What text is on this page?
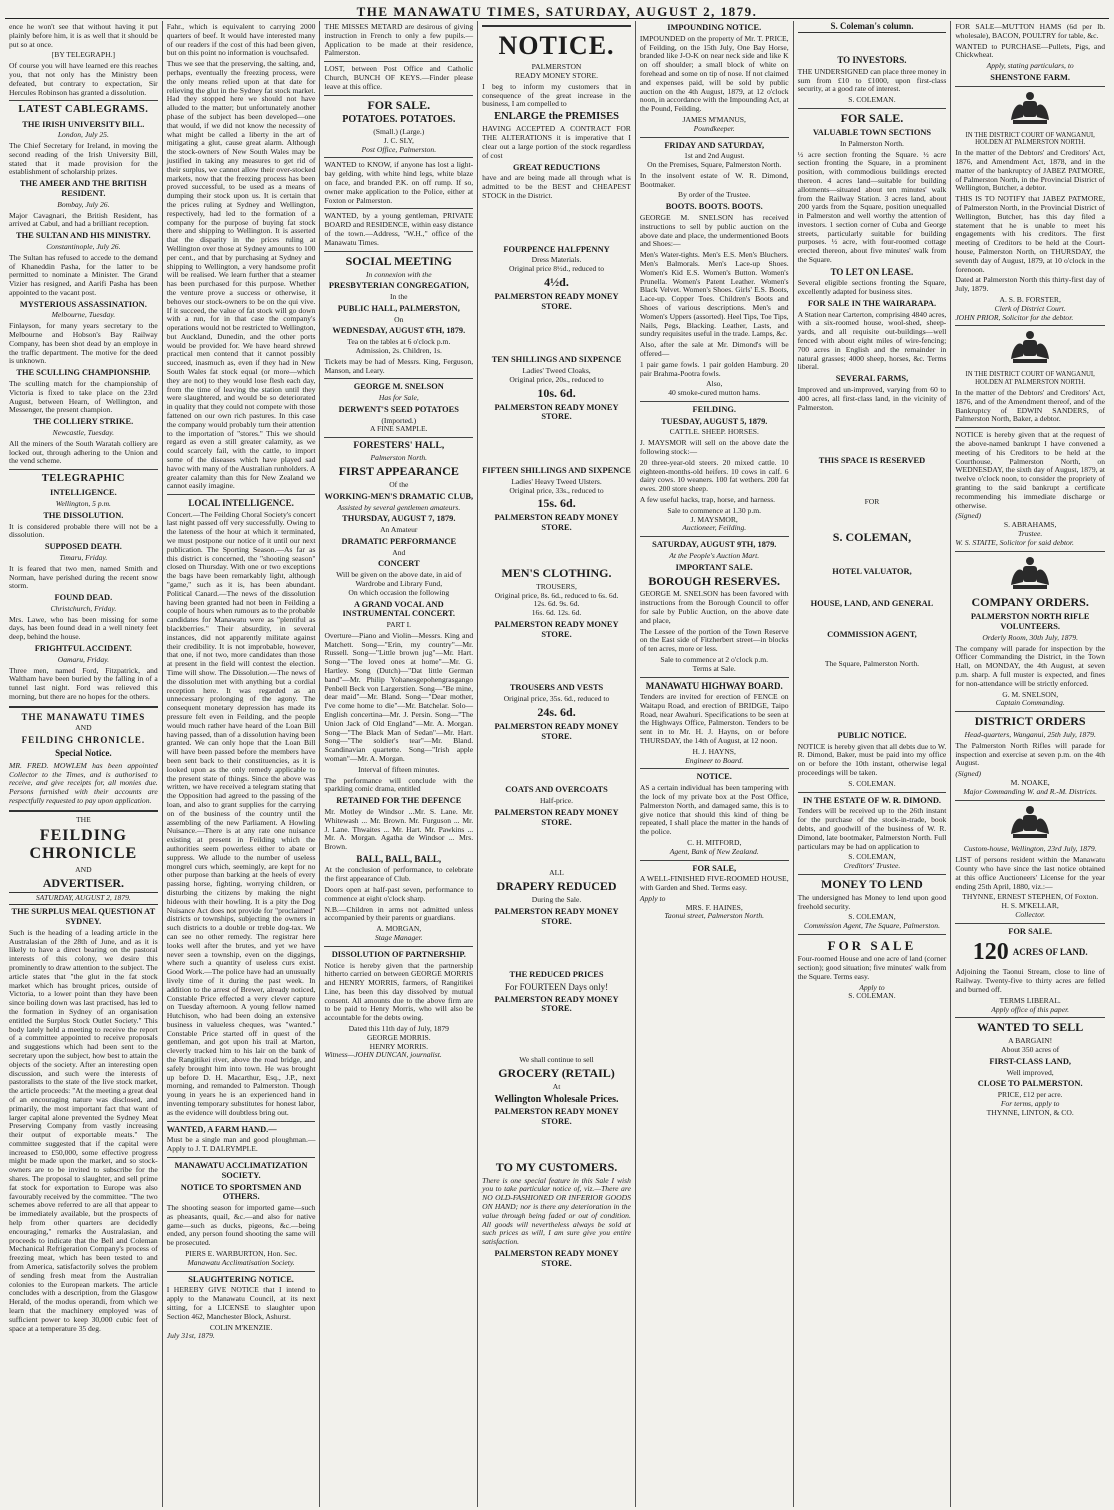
THE MANAWATU TIMES, SATURDAY, AUGUST 2, 1879.

ence he won't see that without having it put plainly before him, it is as well that it should be put so at once.

[BY TELEGRAPH.]

Of course you will have learned ere this reaches you, that not only has the Ministry been defeated, but contrary to expectation, Sir Hercules Robinson has granted a dissolution.

LATEST CABLEGRAMS.
THE IRISH UNIVERSITY BILL.
London, July 25.

The Chief Secretary for Ireland, in moving the second reading of the Irish University Bill, stated that it made provision for the establishment of scholarship prizes.

THE AMEER AND THE BRITISH RESIDENT.
Bombay, July 26.

Major Cavagnari, the British Resident, has arrived at Cabul, and had a brilliant reception.

THE SULTAN AND HIS MINISTRY.
Constantinople, July 26.

The Sultan has refused to accede to the demand of Khaneddin Pasha, for the latter to be permitted to nominate a Minister. The Grand Vizier has resigned, and Aarifi Pasha has been appointed to the vacant post.

MYSTERIOUS ASSASSINATION.
Melbourne, Tuesday.

Finlayson, for many years secretary to the Melbourne and Hobson's Bay Railway Company, has been shot dead by an employe in the traffic department. The motive for the deed is unknown.

THE SCULLING CHAMPIONSHIP.

The sculling match for the championship of Victoria is fixed to take place on the 23rd August, between Hearn, of Wellington, and Messenger, the present champion.

THE COLLIERY STRIKE.
Newcastle, Tuesday.

All the miners of the South Waratah colliery are locked out, through adhering to the Union and the vend scheme.

TELEGRAPHIC
INTELLIGENCE.
Wellington, 5 p.m.
THE DISSOLUTION.

It is considered probable there will not be a dissolution.

SUPPOSED DEATH.
Timaru, Friday.

It is feared that two men, named Smith and Norman, have perished during the recent snow storm.

FOUND DEAD.
Christchurch, Friday.

Mrs. Lawe, who has been missing for some days, has been found dead in a well ninety feet deep, behind the house.

FRIGHTFUL ACCIDENT.
Oamaru, Friday.

Three men, named Ford, Fitzpatrick, and Waltham have been buried by the falling in of a tunnel last night. Ford was relieved this morning, but there are no hopes for the others.

THE MANAWATU TIMES
AND
FEILDING CHRONICLE.
Special Notice.

MR. FRED. MOWLEM has been appointed Collector to the Times, and is authorised to receive, and give receipts for, all monies due. Persons furnished with their accounts are respectfully requested to pay upon application.

THE
FEILDING CHRONICLE
AND
ADVERTISER.
SATURDAY, AUGUST 2, 1879.
THE SURPLUS MEAL QUESTION AT SYDNEY.

Such is the heading of a leading article in the Australasian of the 28th of June, and as it is likely to have a direct bearing on the pastoral interests of this colony, we desire this prominently to draw attention to the subject. The article states that "the glut in the fat stock market which has brought prices, outside of Victoria, to a lower point than they have been since boiling down was last practised, has led to the formation in Sydney of an organisation entitled the Surplus Stock Outlet Society." This body lately held a meeting to receive the report of a committee appointed to receive proposals and suggestions which had been sent to the secretary upon the subject, how best to attain the objects of the society. After an interesting open discussion, and such were the interests of pastoralists to the state of the live stock market, the article proceeds: "At the meeting a great deal of an encouraging nature was disclosed, and primarily, the most important fact that want of larger capital alone prevented the Sydney Meat Preserving Company from vastly increasing their output of exportable meats." The committee suggested that if the capital were increased to £50,000, some effective progress might be made upon the market, and so stock-owners are to be invited to subscribe for the shares. The proposal to slaughter, and sell prime fat stock for exportation to Europe was also favourably received by the committee. "The two schemes above referred to are all that appear to be immediately available, but the prospects of help from other quarters are decidedly encouraging," remarks the Australasian, and proceeds to indicate that the Bell and Coleman Mechanical Refrigeration Company's process of freezing meat, which has been tested to and from America, satisfactorily solves the problem of sending fresh meat from the Australian colonies to the European markets. The article concludes with a description, from the Glasgow Herald, of the modus operandi, from which we learn that the machinery employed was of sufficient power to keep 30,000 cubic feet of space at a temperature 35 deg.

Fahr., which is equivalent to carrying 2000 quarters of beef. It would have interested many of our readers if the cost of this had been given, but on this point no information is vouchsafed.

Thus we see that the preserving, the salting, and, perhaps, eventually the freezing process, were the only means relied upon at that date for relieving the glut in the Sydney fat stock market. Had they stopped here we should not have alluded to the matter; but unfortunately another phase of the subject has been developed—one that would, if we did not know the necessity of what might be called a liberty in the art of mitigating a glut, cause great alarm. Although the stock-owners of New South Wales may be justified in taking any measures to get rid of their surplus, we cannot allow their over-stocked markets, now that the freezing process has been proved successful, to be used as a means of dumping their stock upon us. It is certain that the prices ruling at Sydney and Wellington, respectively, had led to the formation of a company for the purpose of buying fat stock there and shipping to Wellington. It is asserted that the disparity in the prices ruling at Wellington over those at Sydney amounts to 100 per cent., and that by purchasing at Sydney and shipping to Wellington, a very handsome profit will be realised. We learn further that a steamer has been purchased for this purpose. Whether the venture prove a success or otherwise, it behoves our stock-owners to be on the qui vive. If it succeed, the value of fat stock will go down with a run, for in that case the company's operations would not be restricted to Wellington, but Auckland, Dunedin, and the other ports would be provided for. We have heard shrewd practical men contend that it cannot possibly succeed, inasmuch as, even if they had in New South Wales fat stock equal (or more—which they are not) to they would lose flesh each day, from the time of leaving the station until they were slaughtered, and would be so deteriorated in quality that they could not compete with those fattened on our own rich pastures. In this case the company would probably turn their attention to the importation of "stores." This we should regard as even a still greater calamity, as we could scarcely fail, with the cattle, to import some of the diseases which have played sad havoc with many of the Australian runholders. A greater calamity than this for New Zealand we cannot easily imagine.

LOCAL INTELLIGENCE.

Concert.—The Feilding Choral Society's concert last night passed off very successfully. Owing to the lateness of the hour at which it terminated, we must postpone our notice of it until our next publication. The Sporting Season.—As far as this district is concerned, the "shooting season" closed on Thursday. With one or two exceptions the bags have been remarkably light, although "game," such as it is, has been abundant. Political Canard.—The news of the dissolution having been granted had not been in Feilding a couple of hours when rumours as to the probable candidates for Manawatu were as "plentiful as blackberries." Their absurdity, in several instances, did not apparently militate against their credibility. It is not improbable, however, that one, if not two, more candidates than those at present in the field will contest the election. Time will show. The Dissolution.—The news of the dissolution met with anything but a cordial reception here. It was regarded as an unnecessary prolonging of the agony. The consequent monetary depression has made its pressure felt even in Feilding, and the people would much rather have heard of the Loan Bill having passed, than of a dissolution having been granted. We can only hope that the Loan Bill will have been passed before the members have been sent back to their constituencies, as it is looked upon as the only remedy applicable to the present state of things. Since the above was written, we have received a telegram stating that the Opposition had agreed to the passing of the loan, and also to grant supplies for the carrying on of the business of the country until the assembling of the new Parliament. A Howling Nuisance.—There is at any rate one nuisance existing at present in Feilding which the authorities seem powerless either to abate or suppress. We allude to the number of useless mongrel curs which, seemingly, are kept for no other purpose than barking at the heels of every passing horse, fighting, worrying children, or disturbing the citizens by making the night hideous with their howling. It is a pity the Dog Nuisance Act does not provide for "proclaimed" districts or townships, subjecting the owners in such districts to a double or treble dog-tax. We can see no other remedy. The registrar here looks well after the brutes, and yet we have never seen a township, even on the diggings, where such a quantity of useless curs exist. Good Work.—The police have had an unusually lively time of it during the past week. In addition to the arrest of Brewer, already noticed, Constable Price effected a very clever capture on Tuesday afternoon. A young fellow named Hutchison, who had been doing an extensive business in valueless cheques, was "wanted." Constable Price started off in quest of the gentleman, and got upon his trail at Marton, cleverly tracked him to his lair on the bank of the Rangitikei river, above the road bridge, and safely brought him into town. He was brought up before D. H. Macarthur, Esq., J.P., next morning, and remanded to Palmerston. Though young in years he is an experienced hand in inventing temporary substitutes for honest labor, as the evidence will doubtless bring out.

WANTED, A FARM HAND.—

Must be a single man and good ploughman.—Apply to J. T. DALRYMPLE.

MANAWATU ACCLIMATIZATION SOCIETY.
NOTICE TO SPORTSMEN AND OTHERS.

The shooting season for imported game—such as pheasants, quail, &c.—and also for native game—such as ducks, pigeons, &c.—being ended, any person found shooting the same will be prosecuted.

PIERS E. WARBURTON, Hon. Sec.
Manawatu Acclimatisation Society.
SLAUGHTERING NOTICE.

I HEREBY GIVE NOTICE that I intend to apply to the Manawatu Council, at its next sitting, for a LICENSE to slaughter upon Section 462, Manchester Block, Ashurst.

COLIN M'KENZIE.
July 31st, 1879.

THE MISSES METARD are desirous of giving instruction in French to only a few pupils.—Application to be made at their residence, Palmerston.

LOST, between Post Office and Catholic Church, BUNCH OF KEYS.—Finder please leave at this office.

FOR SALE.
POTATOES. POTATOES.
(Small.) (Large.)
J. C. SLY,
Post Office, Palmerston.

WANTED to KNOW, if anyone has lost a light-bay gelding, with white hind legs, white blaze on face, and branded P.K. on off rump. If so, owner make application to the Police, either at Foxton or Palmerston.

WANTED, by a young gentleman, PRIVATE BOARD and RESIDENCE, within easy distance of the town.—Address, "W.H.," office of the Manawatu Times.

SOCIAL MEETING
In connexion with the
PRESBYTERIAN CONGREGATION,
In the
PUBLIC HALL, PALMERSTON,
On
WEDNESDAY, AUGUST 6TH, 1879.
Tea on the tables at 6 o'clock p.m.
Admission, 2s. Children, 1s.

Tickets may be had of Messrs. King, Ferguson, Manson, and Leary.

GEORGE M. SNELSON
Has for Sale,
DERWENT'S SEED POTATOES
(Imported.)
A FINE SAMPLE.
FORESTERS' HALL,
Palmerston North.
FIRST APPEARANCE
Of the
WORKING-MEN'S DRAMATIC CLUB,
Assisted by several gentlemen amateurs.
THURSDAY, AUGUST 7, 1879.
An Amateur
DRAMATIC PERFORMANCE
And
CONCERT
Will be given on the above date, in aid of Wardrobe and Library Fund,
On which occasion the following
A GRAND VOCAL AND INSTRUMENTAL CONCERT.
PART I.

Overture—Piano and Violin—Messrs. King and Matchett. Song—"Erin, my country"—Mr. Russell. Song—"Little brown jug"—Mr. Hart. Song—"The loved ones at home"—Mr. G. Hartley. Song (Dutch)—"Dat little German band"—Mr. Philip Yohanesgepohengrasgango Penbell Beck von Largerstien. Song—"Be mine, dear maid"—Mr. Bland. Song—"Dear mother, I've come home to die"—Mr. Batchelar. Solo—English concertina—Mr. J. Persin. Song—"The Union Jack of Old England"—Mr. A. Morgan. Song—"The Black Man of Sedan"—Mr. Hart. Song—"The soldier's tear"—Mr. Bland. Scandinavian quartette. Song—"Irish apple woman"—Mr. A. Morgan.

Interval of fifteen minutes.

The performance will conclude with the sparkling comic drama, entitled

RETAINED FOR THE DEFENCE

Mr. Motley de Windsor ...Mr. S. Lane. Mr. Whitewash ... Mr. Brown. Mr. Furguson ... Mr. J. Lane. Thwaites ... Mr. Hart. Mr. Pawkins ... Mr. A. Morgan. Agatha de Windsor ... Mrs. Brown.

BALL, BALL, BALL,

At the conclusion of performance, to celebrate the first appearance of Club.

Doors open at half-past seven, performance to commence at eight o'clock sharp.

N.B.—Children in arms not admitted unless accompanied by their parents or guardians.

A. MORGAN,
Stage Manager.
DISSOLUTION OF PARTNERSHIP.

Notice is hereby given that the partnership hitherto carried on between GEORGE MORRIS and HENRY MORRIS, farmers, of Rangitikei Line, has been this day dissolved by mutual consent. All amounts due to the above firm are to be paid to Henry Morris, who will also be accountable for the debts owing.

Dated this 11th day of July, 1879
GEORGE MORRIS.
HENRY MORRIS.
Witness—JOHN DUNCAN, journalist.
NOTICE.
PALMERSTON
READY MONEY STORE.

I beg to inform my customers that in consequence of the great increase in the business, I am compelled to

ENLARGE the PREMISES

HAVING ACCEPTED A CONTRACT FOR THE ALTERATIONS it is imperative that I clear out a large portion of the stock regardless of cost

GREAT REDUCTIONS

have and are being made all through what is admitted to be the BEST and CHEAPEST STOCK in the District.

FOURPENCE HALFPENNY
Dress Materials.
Original price 8½d., reduced to
4½d.
PALMERSTON READY MONEY STORE.
TEN SHILLINGS AND SIXPENCE
Ladies' Tweed Cloaks,
Original price, 20s., reduced to
10s. 6d.
PALMERSTON READY MONEY STORE.
FIFTEEN SHILLINGS AND SIXPENCE
Ladies' Heavy Tweed Ulsters.
Original price, 33s., reduced to
15s. 6d.
PALMERSTON READY MONEY STORE.
MEN'S CLOTHING.
TROUSERS,
Original price, 8s. 6d., reduced to 6s. 6d.
12s. 6d. 9s. 6d.
16s. 6d. 12s. 6d.
PALMERSTON READY MONEY STORE.
TROUSERS AND VESTS
Original price, 35s. 6d., reduced to
24s. 6d.
PALMERSTON READY MONEY STORE.
COATS AND OVERCOATS
Half-price.
PALMERSTON READY MONEY STORE.
ALL
DRAPERY REDUCED
During the Sale.
PALMERSTON READY MONEY STORE.
THE REDUCED PRICES
For FOURTEEN Days only!
PALMERSTON READY MONEY STORE.
We shall continue to sell
GROCERY (RETAIL)
At
Wellington Wholesale Prices.
PALMERSTON READY MONEY STORE.
TO MY CUSTOMERS.

There is one special feature in this Sale I wish you to take particular notice of, viz.—There are NO OLD-FASHIONED OR INFERIOR GOODS ON HAND; nor is there any deterioration in the value through being faded or out of condition. All goods will nevertheless always be sold at such prices as will, I am sure give you entire satisfaction.

PALMERSTON READY MONEY STORE.
IMPOUNDING NOTICE.

IMPOUNDED on the property of Mr. T. PRICE, of Feilding, on the 15th July, One Bay Horse, branded like J-O-K on near neck side and like K on off shoulder; a small block of white on forehead and some on tip of nose. If not claimed and expenses paid, will be sold by public auction on the 4th August, 1879, at 12 o'clock noon, in accordance with the Impounding Act, at the Pound, Feilding.

JAMES M'MANUS,
Poundkeeper.
FRIDAY AND SATURDAY,
1st and 2nd August.
On the Premises, Square, Palmerston North.

In the insolvent estate of W. R. Dimond, Bootmaker.

By order of the Trustee.
BOOTS. BOOTS. BOOTS.

GEORGE M. SNELSON has received instructions to sell by public auction on the above date and place, the undermentioned Boots and Shoes:—

Men's Water-tights. Men's E.S. Men's Bluchers. Men's Balmorals. Men's Lace-up Shoes. Women's Kid E.S. Women's Button. Women's Prunella. Women's Patent Leather. Women's Black Velvet. Women's Shoes. Girls' E.S. Boots, Lace-up. Copper Toes. Children's Boots and Shoes of various descriptions. Men's and Women's Uppers (assorted). Heel Tips, Toe Tips, Nails, Pegs, Blacking. Leather, Lasts, and sundry requisites useful in the trade. Lamps, &c.

Also, after the sale at Mr. Dimond's will be offered—

1 pair game fowls. 1 pair golden Hamburg. 20 pair Brahma-Pootra fowls.

Also,
40 smoke-cured mutton hams.
FEILDING.
TUESDAY, AUGUST 5, 1879.
CATTLE. SHEEP. HORSES.

J. MAYSMOR will sell on the above date the following stock:—

20 three-year-old steers. 20 mixed cattle. 10 eighteen-months-old heifers. 10 cows in calf. 6 dairy cows. 10 weaners. 100 fat wethers. 200 fat ewes. 200 store sheep.

A few useful hacks, trap, horse, and harness.

Sale to commence at 1.30 p.m.
J. MAYSMOR,
Auctioneer, Feilding.
SATURDAY, AUGUST 9TH, 1879.
At the People's Auction Mart.
IMPORTANT SALE.
BOROUGH RESERVES.

GEORGE M. SNELSON has been favored with instructions from the Borough Council to offer for sale by Public Auction, on the above date and place,

The Lessee of the portion of the Town Reserve on the East side of Fitzherbert street—in blocks of ten acres, more or less.

Sale to commence at 2 o'clock p.m.
Terms at Sale.
MANAWATU HIGHWAY BOARD.

Tenders are invited for erection of FENCE on Waitapu Road, and erection of BRIDGE, Taipo Road, near Awahuri. Specifications to be seen at the Highways Office, Palmerston. Tenders to be sent in to Mr. H. J. Hayns, on or before THURSDAY, the 14th of August, at 12 noon.

H. J. HAYNS,
Engineer to Board.
NOTICE.

AS a certain individual has been tampering with the lock of my private box at the Post Office, Palmerston North, and damaged same, this is to give notice that should this kind of thing be repeated, I shall place the matter in the hands of the police.

C. H. MITFORD,
Agent, Bank of New Zealand.
FOR SALE,

A WELL-FINISHED FIVE-ROOMED HOUSE, with Garden and Shed. Terms easy.

Apply to
MRS. F. HAINES,
Taonui street, Palmerston North.
S. Coleman's column.
TO INVESTORS.

THE UNDERSIGNED can place three money in sum from £10 to £1000, upon first-class security, at a good rate of interest.

S. COLEMAN.
FOR SALE.
VALUABLE TOWN SECTIONS
In Palmerston North.

½ acre section fronting the Square. ½ acre section fronting the Square, in a prominent position, with commodious buildings erected thereon. 4 acres land—suitable for building allotments—situated about ten minutes' walk from the Railway Station. 3 acres land, about 200 yards from the Square, position unequalled in Palmerston and well worthy the attention of investors. 1 section corner of Cuba and George streets, particularly suitable for building purposes. ½ acre, with four-roomed cottage erected thereon, about five minutes' walk from the Square.

TO LET ON LEASE.

Several eligible sections fronting the Square, excellently adapted for business sites.

FOR SALE IN THE WAIRARAPA.

A Station near Carterton, comprising 4840 acres, with a six-roomed house, wool-shed, sheep-yards, and all requisite out-buildings—well fenced with about eight miles of wire-fencing; 700 acres in English and the remainder in natural grasses; 4000 sheep, horses, &c. Terms liberal.

SEVERAL FARMS,

Improved and un-improved, varying from 60 to 400 acres, all first-class land, in the vicinity of Palmerston.

THIS SPACE IS RESERVED
FOR
S. COLEMAN,
HOTEL VALUATOR,
HOUSE, LAND, AND GENERAL
COMMISSION AGENT,
The Square, Palmerston North.
PUBLIC NOTICE.

NOTICE is hereby given that all debts due to W. R. Dimond, Baker, must be paid into my office on or before the 10th instant, otherwise legal proceedings will be taken.

S. COLEMAN.
IN THE ESTATE OF W. R. DIMOND.

Tenders will be received up to the 26th instant for the purchase of the stock-in-trade, book debts, and goodwill of the business of W. R. Dimond, late bootmaker, Palmerston North. Full particulars may be had on application to

S. COLEMAN,
Creditors' Trustee.
MONEY TO LEND

The undersigned has Money to lend upon good freehold security.

S. COLEMAN,
Commission Agent, The Square, Palmerston.
FOR SALE

Four-roomed House and one acre of land (corner section); good situation; five minutes' walk from the Square. Terms easy.

Apply to
S. COLEMAN.

FOR SALE—MUTTON HAMS (6d per lb. wholesale), BACON, POULTRY for table, &c.

WANTED to PURCHASE—Pullets, Pigs, and Chickwheat.

Apply, stating particulars, to
SHENSTONE FARM.
IN THE DISTRICT COURT OF WANGANUI, HOLDEN AT PALMERSTON NORTH.

In the matter of the Debtors' and Creditors' Act, 1876, and Amendment Act, 1878, and in the matter of the bankruptcy of JABEZ PATMORE, of Palmerston North, in the Provincial District of Wellington, Butcher, a debtor.

THIS IS TO NOTIFY that JABEZ PATMORE, of Palmerston North, in the Provincial District of Wellington, Butcher, has this day filed a statement that he is unable to meet his engagements with his creditors. The first meeting of Creditors to be held at the Court-house, Palmerston North, on THURSDAY, the seventh day of August, 1879, at 10 o'clock in the forenoon.

Dated at Palmerston North this thirty-first day of July, 1879.

A. S. B. FORSTER,
Clerk of District Court.
JOHN PRIOR, Solicitor for the debtor.
IN THE DISTRICT COURT OF WANGANUI, HOLDEN AT PALMERSTON NORTH.

In the matter of the Debtors' and Creditors' Act, 1876, and of the Amendment thereof, and of the Bankruptcy of EDWIN SANDERS, of Palmerston North, Baker, a debtor.

NOTICE is hereby given that at the request of the above-named bankrupt I have convened a meeting of his Creditors to be held at the Courthouse, Palmerston North, on WEDNESDAY, the sixth day of August, 1879, at twelve o'clock noon, to consider the propriety of granting to the said bankrupt a certificate recommending his immediate discharge or otherwise.

(Signed)
S. ABRAHAMS,
Trustee.
W. S. STAITE, Solicitor for said debtor.
COMPANY ORDERS.
PALMERSTON NORTH RIFLE VOLUNTEERS.
Orderly Room, 30th July, 1879.

The company will parade for inspection by the Officer Commanding the District, in the Town Hall, on MONDAY, the 4th August, at seven p.m. sharp. A full muster is expected, and fines for non-attendance will be strictly enforced.

G. M. SNELSON,
Captain Commanding.
DISTRICT ORDERS
Head-quarters, Wanganui, 25th July, 1879.

The Palmerston North Rifles will parade for inspection and exercise at seven p.m. on the 4th August.

(Signed)
M. NOAKE,
Major Commanding W. and R.-M. Districts.
Custom-house, Wellington, 23rd July, 1879.

LIST of persons resident within the Manawatu County who have since the last notice obtained at this office Auctioneers' License for the year ending 25th April, 1880, viz.:—

THYNNE, ERNEST STEPHEN, Of Foxton.
H. S. M'KELLAR,
Collector.
FOR SALE.
120 ACRES OF LAND.

Adjoining the Taonui Stream, close to line of Railway. Twenty-five to thirty acres are felled and burned off.

TERMS LIBERAL.
Apply office of this paper.
WANTED TO SELL
A BARGAIN!
About 350 acres of
FIRST-CLASS LAND,
Well improved,
CLOSE TO PALMERSTON.
PRICE, £12 per acre.
For terms, apply to
THYNNE, LINTON, & CO.
